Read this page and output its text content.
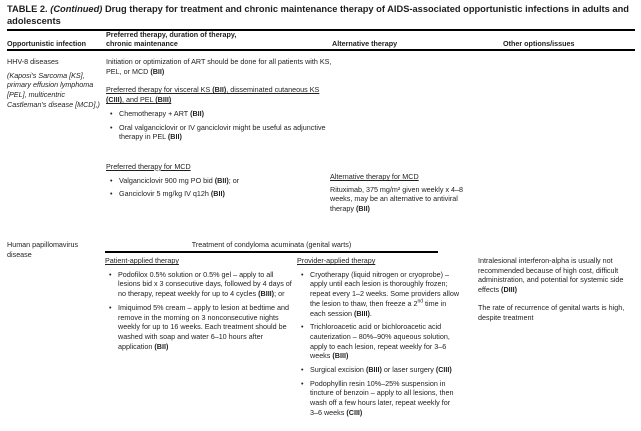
TABLE 2. (Continued) Drug therapy for treatment and chronic maintenance therapy of AIDS-associated opportunistic infections in adults and adolescents
Opportunistic infection
Preferred therapy, duration of therapy,
chronic maintenance	Alternative therapy	Other options/issues
HHV-8 diseases
(Kaposi's Sarcoma [KS], primary effusion lymphoma [PEL], multicentric Castleman's disease [MCD],)

Initiation or optimization of ART should be done for all patients with KS, PEL, or MCD (BII)

Preferred therapy for visceral KS (BII), disseminated cutaneous KS (CIII), and PEL (BIII)
• Chemotherapy + ART (BII)
• Oral valganciclovir or IV ganciclovir might be useful as adjunctive therapy in PEL (BII)
Preferred therapy for MCD
• Valganciclovir 900 mg PO bid (BII); or
• Ganciclovir 5 mg/kg IV q12h (BII)
Alternative therapy for MCD

Rituximab, 375 mg/m² given weekly x 4–8 weeks, may be an alternative to antiviral therapy (BII)

Human papillomavirus disease
Treatment of condyloma acuminata (genital warts)
Patient-applied therapy
• Podofilox 0.5% solution or 0.5% gel – apply to all lesions bid x 3 consecutive days, followed by 4 days of no therapy, repeat weekly for up to 4 cycles (BIII); or
• Imiquimod 5% cream – apply to lesion at bedtime and remove in the morning on 3 nonconsecutive nights weekly for up to 16 weeks. Each treatment should be washed with soap and water 6–10 hours after application (BII)
Provider-applied therapy
• Cryotherapy (liquid nitrogen or cryoprobe) – apply until each lesion is thoroughly frozen; repeat every 1–2 weeks. Some providers allow the lesion to thaw, then freeze a 2nd time in each session (BIII).
• Trichloroacetic acid or bichloroacetic acid cauterization – 80%–90% aqueous solution, apply to each lesion, repeat weekly for 3–6 weeks (BIII)
• Surgical excision (BIII) or laser surgery (CIII)
• Podophyllin resin 10%–25% suspension in tincture of benzoin – apply to all lesions, then wash off a few hours later, repeat weekly for 3–6 weeks (CIII)

Intralesional interferon-alpha is usually not recommended because of high cost, difficult administration, and potential for systemic side effects (DIII)

The rate of recurrence of genital warts is high, despite treatment
